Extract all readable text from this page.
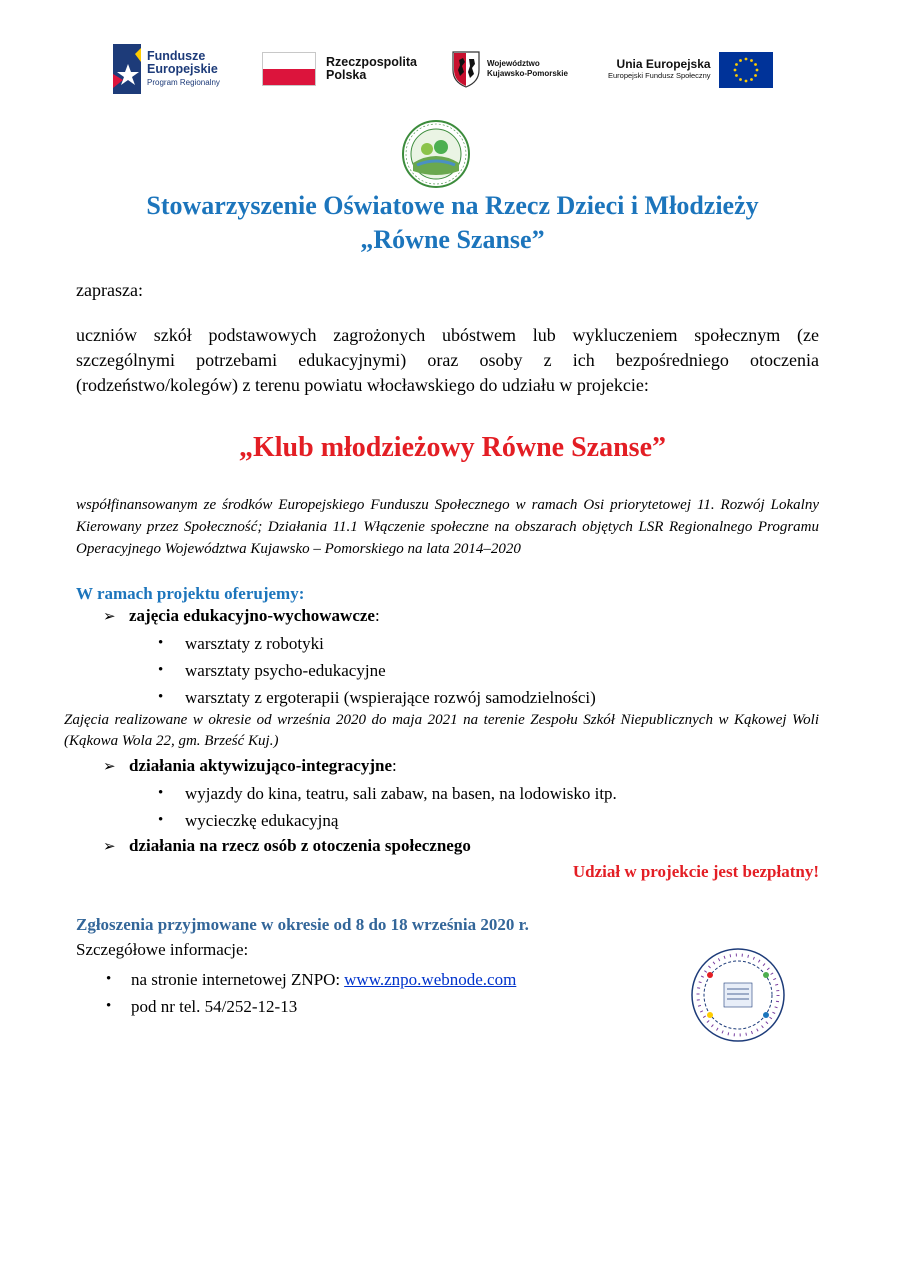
Fundusze
Europejskie
Program Regionalny
Rzeczpospolita
Polska
Województwo
Kujawsko-Pomorskie
Unia Europejska
Europejski Fundusz Społeczny
Stowarzyszenie Oświatowe na Rzecz Dzieci i Młodzieży
„Równe Szanse”

zaprasza:

uczniów szkół podstawowych zagrożonych ubóstwem lub wykluczeniem społecznym (ze szczególnymi potrzebami edukacyjnymi) oraz osoby z ich bezpośredniego otoczenia (rodzeństwo/kolegów) z terenu powiatu włocławskiego do udziału w projekcie:

„Klub młodzieżowy Równe Szanse”

współfinansowanym ze środków Europejskiego Funduszu Społecznego w ramach Osi priorytetowej 11. Rozwój Lokalny Kierowany przez Społeczność; Działania 11.1 Włączenie społeczne na obszarach objętych LSR Regionalnego Programu Operacyjnego Województwa Kujawsko – Pomorskiego na lata 2014–2020

W ramach projektu oferujemy:
➢ zajęcia edukacyjno-wychowawcze :
•	warsztaty z robotyki
•	warsztaty psycho-edukacyjne
•	warsztaty z ergoterapii (wspierające rozwój samodzielności)

Zajęcia realizowane w okresie od września 2020 do maja 2021 na terenie Zespołu Szkół Niepublicznych w Kąkowej Woli (Kąkowa Wola 22, gm. Brześć Kuj.)

➢ działania aktywizująco-integracyjne :
•	wyjazdy do kina, teatru, sali zabaw, na basen, na lodowisko itp.
•	wycieczkę edukacyjną
➢ działania na rzecz osób z otoczenia społecznego

Udział w projekcie jest bezpłatny!

Zgłoszenia przyjmowane w okresie od 8 do 18 września 2020 r.

Szczegółowe informacje:

•	na stronie internetowej ZNPO: www.znpo.webnode.com
•	pod nr tel. 54/252-12-13
